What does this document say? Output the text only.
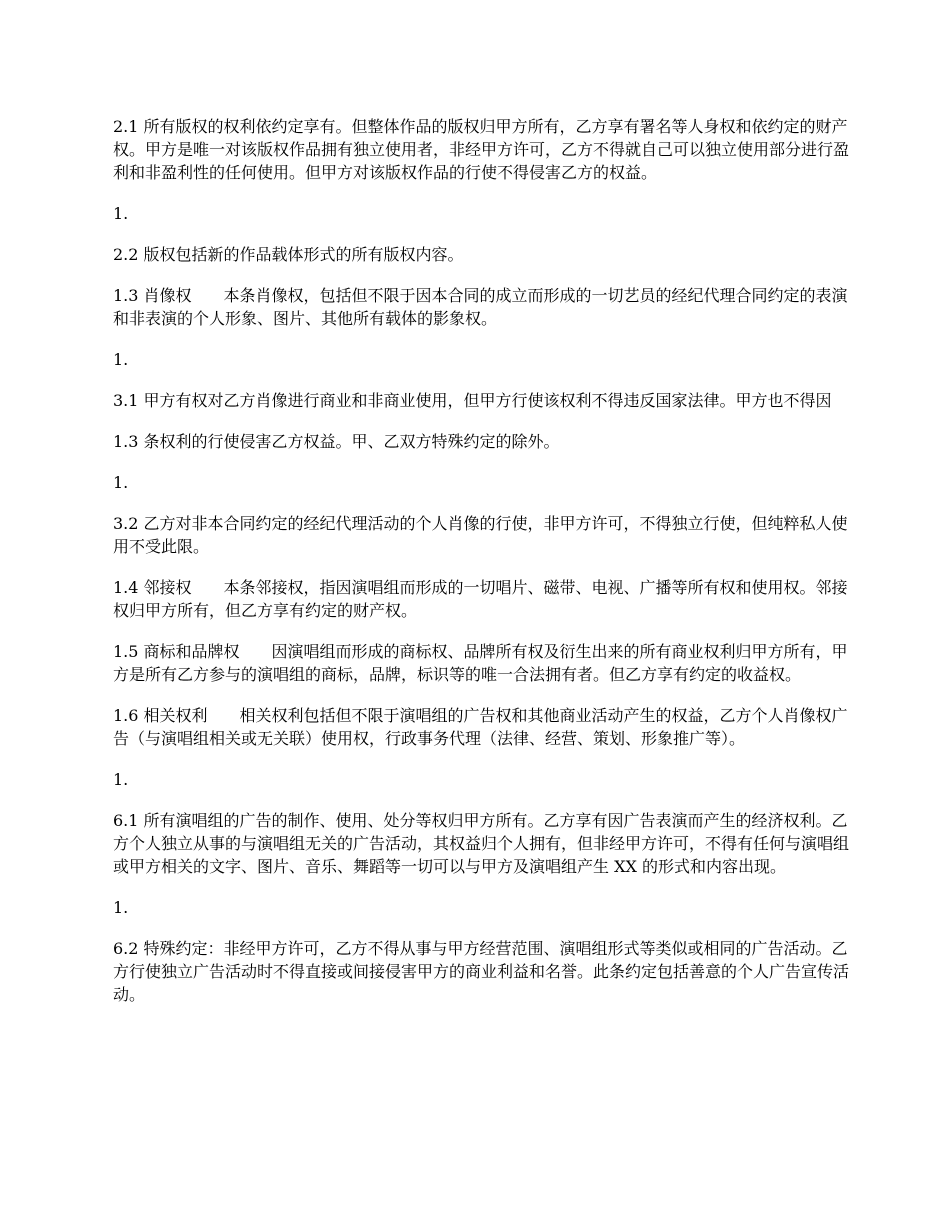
2.1 所有版权的权利依约定享有。但整体作品的版权归甲方所有，乙方享有署名等人身权和依约定的财产权。甲方是唯一对该版权作品拥有独立使用者，非经甲方许可，乙方不得就自己可以独立使用部分进行盈利和非盈利性的任何使用。但甲方对该版权作品的行使不得侵害乙方的权益。

1.

2.2 版权包括新的作品载体形式的所有版权内容。

1.3 肖像权　　本条肖像权，包括但不限于因本合同的成立而形成的一切艺员的经纪代理合同约定的表演和非表演的个人形象、图片、其他所有载体的影象权。

1.

3.1 甲方有权对乙方肖像进行商业和非商业使用，但甲方行使该权利不得违反国家法律。甲方也不得因

1.3 条权利的行使侵害乙方权益。甲、乙双方特殊约定的除外。

1.

3.2 乙方对非本合同约定的经纪代理活动的个人肖像的行使，非甲方许可，不得独立行使，但纯粹私人使用不受此限。

1.4 邻接权　　本条邻接权，指因演唱组而形成的一切唱片、磁带、电视、广播等所有权和使用权。邻接权归甲方所有，但乙方享有约定的财产权。

1.5 商标和品牌权　　因演唱组而形成的商标权、品牌所有权及衍生出来的所有商业权利归甲方所有，甲方是所有乙方参与的演唱组的商标，品牌，标识等的唯一合法拥有者。但乙方享有约定的收益权。

1.6 相关权利　　相关权利包括但不限于演唱组的广告权和其他商业活动产生的权益，乙方个人肖像权广告（与演唱组相关或无关联）使用权，行政事务代理（法律、经营、策划、形象推广等）。

1.

6.1 所有演唱组的广告的制作、使用、处分等权归甲方所有。乙方享有因广告表演而产生的经济权利。乙方个人独立从事的与演唱组无关的广告活动，其权益归个人拥有，但非经甲方许可，不得有任何与演唱组或甲方相关的文字、图片、音乐、舞蹈等一切可以与甲方及演唱组产生 XX 的形式和内容出现。

1.

6.2 特殊约定：非经甲方许可，乙方不得从事与甲方经营范围、演唱组形式等类似或相同的广告活动。乙方行使独立广告活动时不得直接或间接侵害甲方的商业利益和名誉。此条约定包括善意的个人广告宣传活动。
